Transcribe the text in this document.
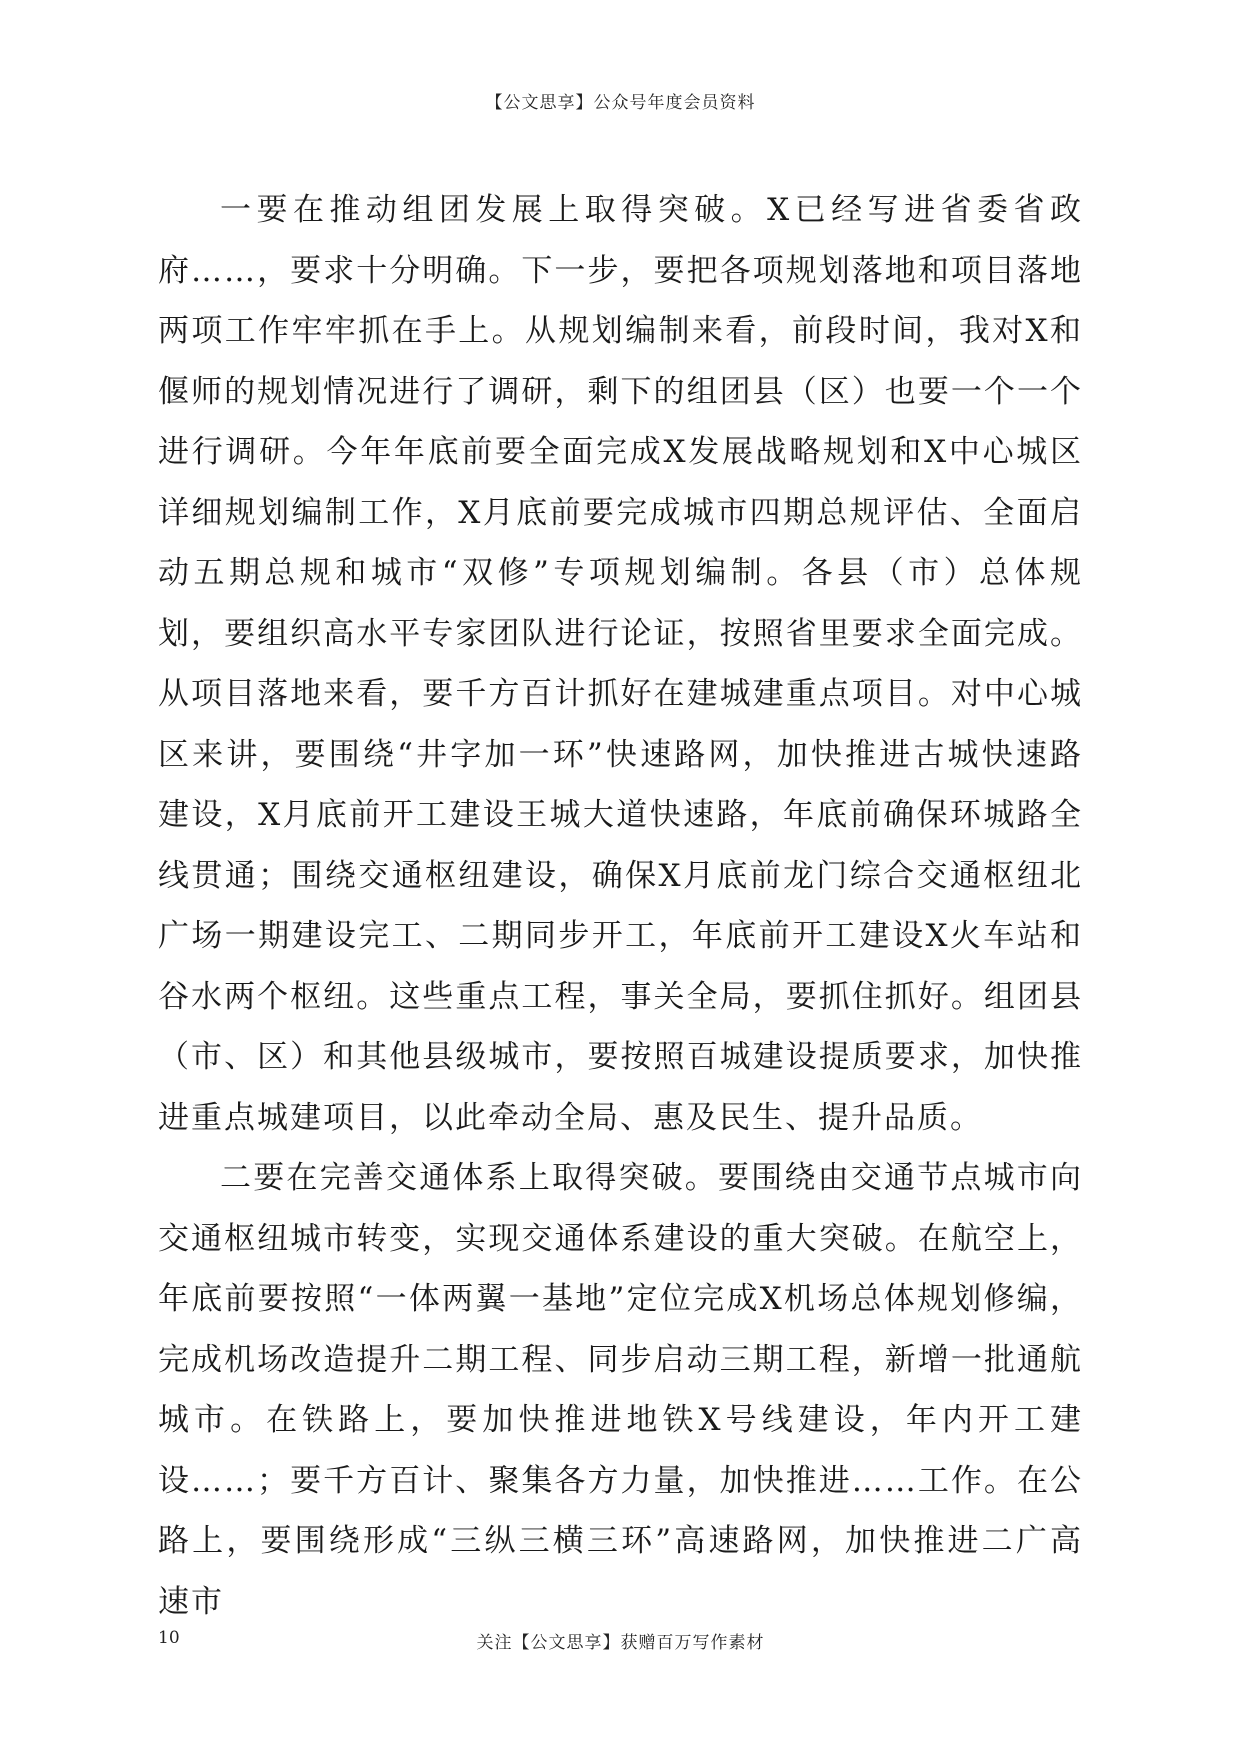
【公文思享】公众号年度会员资料

一要在推动组团发展上取得突破。X已经写进省委省政府……，要求十分明确。下一步，要把各项规划落地和项目落地两项工作牢牢抓在手上。从规划编制来看，前段时间，我对X和偃师的规划情况进行了调研，剩下的组团县（区）也要一个一个进行调研。今年年底前要全面完成X发展战略规划和X中心城区详细规划编制工作，X月底前要完成城市四期总规评估、全面启动五期总规和城市“双修”专项规划编制。各县（市）总体规划，要组织高水平专家团队进行论证，按照省里要求全面完成。从项目落地来看，要千方百计抓好在建城建重点项目。对中心城区来讲，要围绕“井字加一环”快速路网，加快推进古城快速路建设，X月底前开工建设王城大道快速路，年底前确保环城路全线贯通；围绕交通枢纽建设，确保X月底前龙门综合交通枢纽北广场一期建设完工、二期同步开工，年底前开工建设X火车站和谷水两个枢纽。这些重点工程，事关全局，要抓住抓好。组团县（市、区）和其他县级城市，要按照百城建设提质要求，加快推进重点城建项目，以此牵动全局、惠及民生、提升品质。

二要在完善交通体系上取得突破。要围绕由交通节点城市向交通枢纽城市转变，实现交通体系建设的重大突破。在航空上，年底前要按照“一体两翼一基地”定位完成X机场总体规划修编，完成机场改造提升二期工程、同步启动三期工程，新增一批通航城市。在铁路上，要加快推进地铁X号线建设，年内开工建设……；要千方百计、聚集各方力量，加快推进……工作。在公路上，要围绕形成“三纵三横三环”高速路网，加快推进二广高速市

10	关注【公文思享】获赠百万写作素材
